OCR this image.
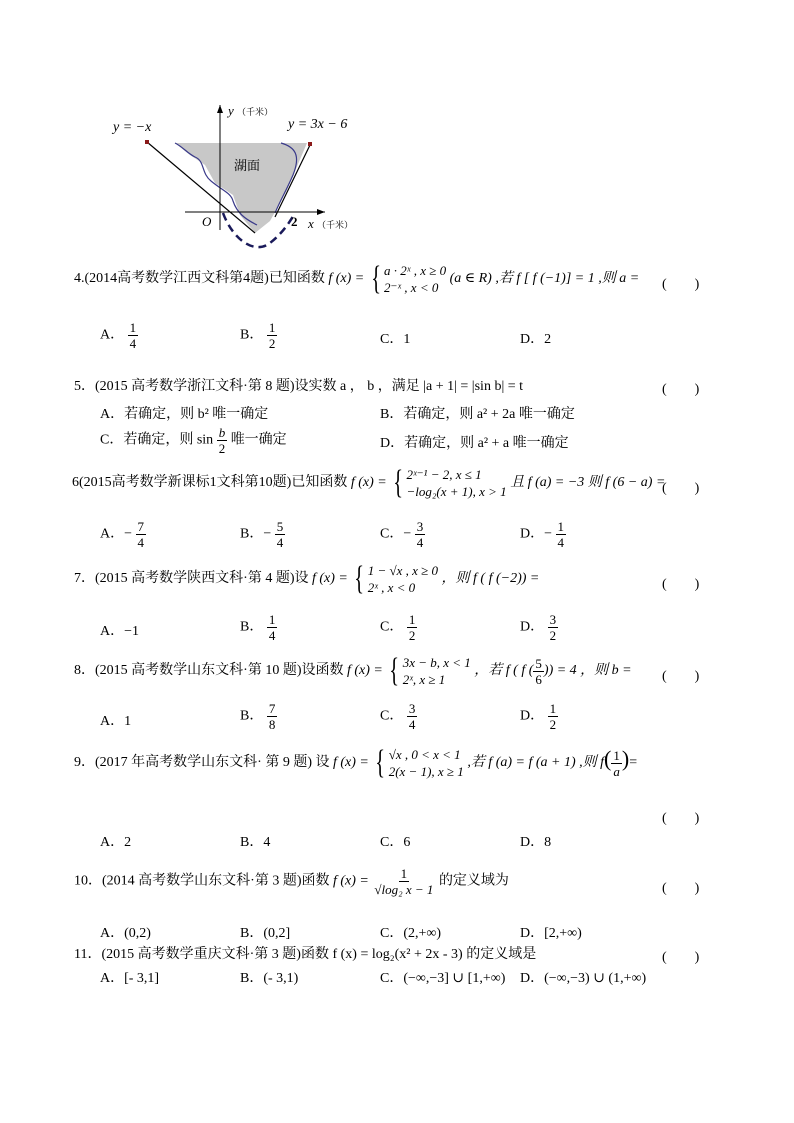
y （千米）
x （千米）
O	2
y = −x	y = 3x − 6
湖面
4.(2014高考数学江西文科第4题)已知函数 f (x) = { a · 2ˣ , x ≥ 0
2⁻ˣ , x < 0
(a ∈ R) ,若 f [ f (−1)] = 1 ,则 a = (　　)
A． $\frac{1}{4}$	B． $\frac{1}{2}$	C．1	D．2
5．(2015 高考数学浙江文科·第 8 题)设实数 a ， b ，满足 |a + 1| = |sin b| = t	(　　)
A．若确定，则 b² 唯一确定	B．若确定，则 a² + 2a 唯一确定
C．若确定，则 $\sin \frac{b}{2}$ 唯一确定	D．若确定，则 a² + a 唯一确定
6(2015高考数学新课标1文科第10题)已知函数 f (x) = { 2ˣ⁻¹ − 2, x ≤ 1
−log₂(x + 1), x > 1
且 f (a) = −3 则 f (6 − a) =
(　　)
A．− $\frac{7}{4}$	B．− $\frac{5}{4}$	C．− $\frac{3}{4}$	D．− $\frac{1}{4}$
7．(2015 高考数学陕西文科·第 4 题)设 f (x) = { 1 − √x , x ≥ 0
2ˣ , x < 0
，则 f ( f (−2)) =	(　　)
A．−1	B． $\frac{1}{4}$	C． $\frac{1}{2}$	D． $\frac{3}{2}$
8．(2015 高考数学山东文科·第 10 题)设函数 f (x) = { 3x − b, x < 1
2ˣ, x ≥ 1
，若 f ( f ( $\frac{5}{6}$ )) = 4 ，则 b = (　　)
A．1	B． $\frac{7}{8}$	C． $\frac{3}{4}$	D． $\frac{1}{2}$
9．(2017 年高考数学山东文科· 第 9 题) 设 f (x) = { √x , 0 < x < 1
2(x − 1), x ≥ 1
,若 f (a) = f (a + 1) ,则 $f( \frac{1}{a}$ )=
(　　)
A．2	B．4	C．6	D．8
10．(2014 高考数学山东文科·第 3 题)函数 f $(x) = \frac{1}{\text{√log₂ x − 1}}$ 的定义域为	(　　)
A．(0,2)	B．(0,2]	C．(2,+∞)	D．[2,+∞)
11．(2015 高考数学重庆文科·第 3 题)函数 f (x) = log₂(x² + 2x - 3) 的定义域是	(　　)
A．[- 3,1]	B．(- 3,1)	C．(−∞,−3] ∪ [1,+∞) D．(−∞,−3) ∪ (1,+∞)
